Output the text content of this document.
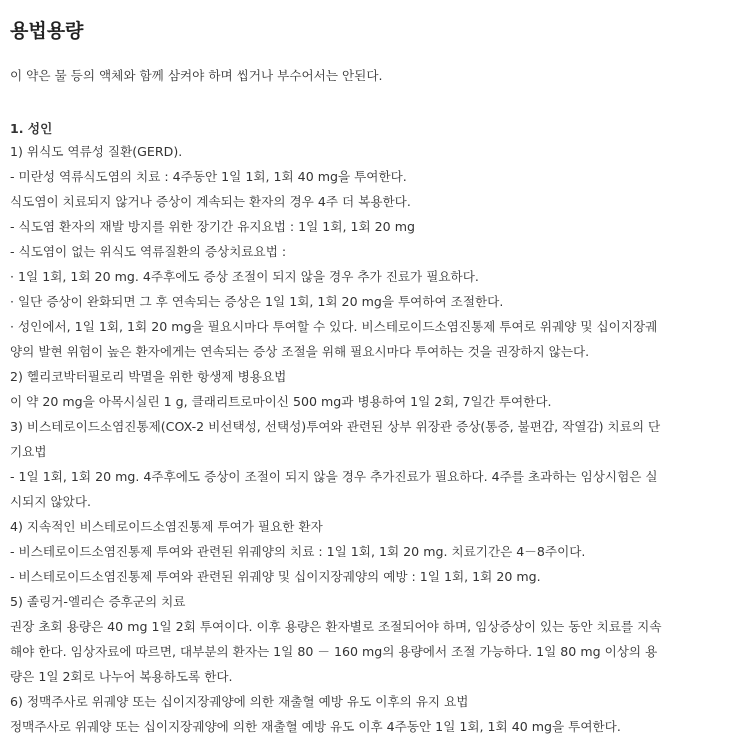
용법용량
이 약은 물 등의 액체와 함께 삼켜야 하며 씹거나 부수어서는 안된다.
1. 성인
1) 위식도 역류성 질환(GERD).
- 미란성 역류식도염의 치료 : 4주동안 1일 1회, 1회 40 mg을 투여한다.
식도염이 치료되지 않거나 증상이 계속되는 환자의 경우 4주 더 복용한다.
- 식도염 환자의 재발 방지를 위한 장기간 유지요법 : 1일 1회, 1회 20 mg
- 식도염이 없는 위식도 역류질환의 증상치료요법 :
· 1일 1회, 1회 20 mg. 4주후에도 증상 조절이 되지 않을 경우 추가 진료가 필요하다.
· 일단 증상이 완화되면 그 후 연속되는 증상은 1일 1회, 1회 20 mg을 투여하여 조절한다.
· 성인에서, 1일 1회, 1회 20 mg을 필요시마다 투여할 수 있다. 비스테로이드소염진통제 투여로 위궤양 및 십이지장궤
양의 발현 위험이 높은 환자에게는 연속되는 증상 조절을 위해 필요시마다 투여하는 것을 권장하지 않는다.
2) 헬리코박터필로리 박멸을 위한 항생제 병용요법
이 약 20 mg을 아목시실린 1 g, 클래리트로마이신 500 mg과 병용하여 1일 2회, 7일간 투여한다.
3) 비스테로이드소염진통제(COX-2 비선택성, 선택성)투여와 관련된 상부 위장관 증상(통증, 불편감, 작열감) 치료의 단
기요법
- 1일 1회, 1회 20 mg. 4주후에도 증상이 조절이 되지 않을 경우 추가진료가 필요하다. 4주를 초과하는 임상시험은 실
시되지 않았다.
4) 지속적인 비스테로이드소염진통제 투여가 필요한 환자
- 비스테로이드소염진통제 투여와 관련된 위궤양의 치료 : 1일 1회, 1회 20 mg. 치료기간은 4－8주이다.
- 비스테로이드소염진통제 투여와 관련된 위궤양 및 십이지장궤양의 예방 : 1일 1회, 1회 20 mg.
5) 졸링거-엘리슨 증후군의 치료
권장 초회 용량은 40 mg 1일 2회 투여이다. 이후 용량은 환자별로 조절되어야 하며, 임상증상이 있는 동안 치료를 지속
해야 한다. 임상자료에 따르면, 대부분의 환자는 1일 80 － 160 mg의 용량에서 조절 가능하다. 1일 80 mg 이상의 용
량은 1일 2회로 나누어 복용하도록 한다.
6) 정맥주사로 위궤양 또는 십이지장궤양에 의한 재출혈 예방 유도 이후의 유지 요법
정맥주사로 위궤양 또는 십이지장궤양에 의한 재출혈 예방 유도 이후 4주동안 1일 1회, 1회 40 mg을 투여한다.
